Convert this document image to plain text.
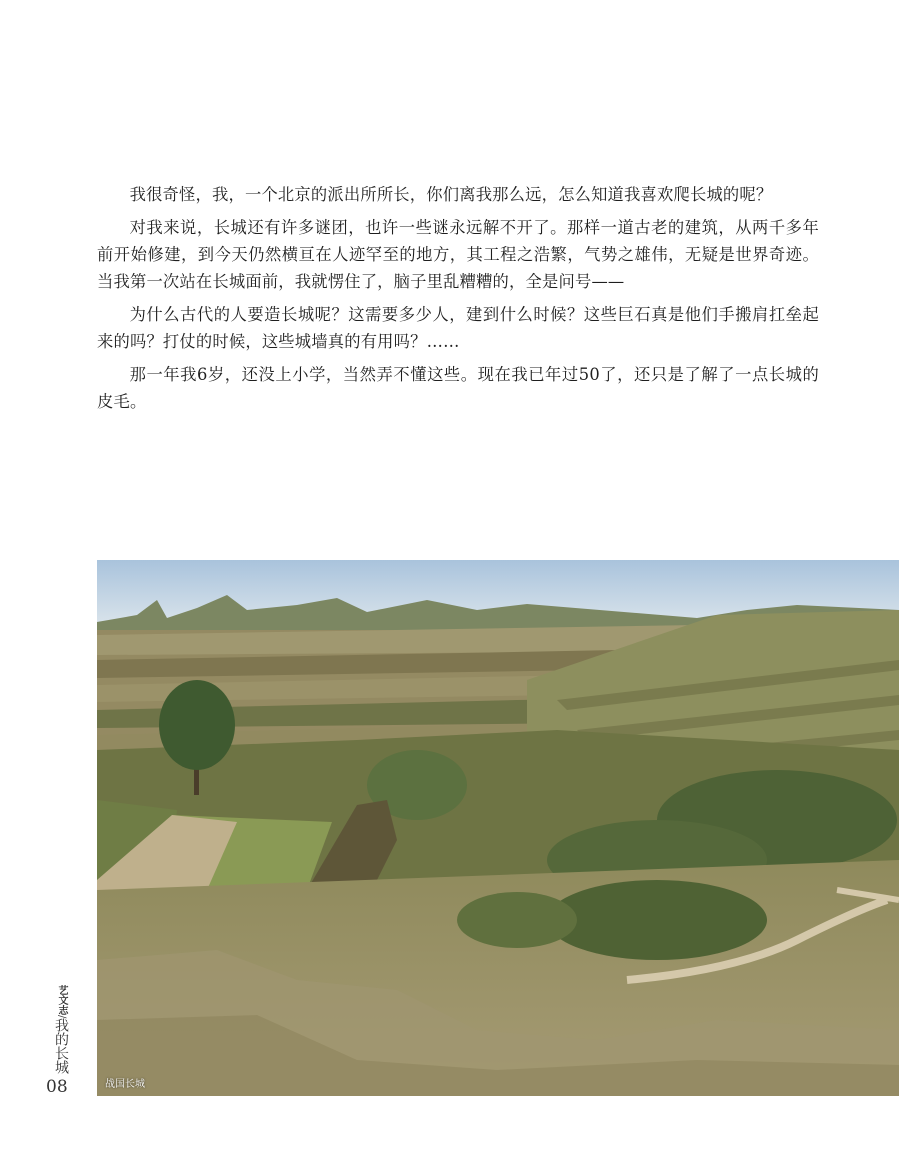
我很奇怪，我，一个北京的派出所所长，你们离我那么远，怎么知道我喜欢爬长城的呢？

对我来说，长城还有许多谜团，也许一些谜永远解不开了。那样一道古老的建筑，从两千多年前开始修建，到今天仍然横亘在人迹罕至的地方，其工程之浩繁，气势之雄伟，无疑是世界奇迹。当我第一次站在长城面前，我就愣住了，脑子里乱糟糟的，全是问号——

为什么古代的人要造长城呢？这需要多少人，建到什么时候？这些巨石真是他们手搬肩扛垒起来的吗？打仗的时候，这些城墙真的有用吗？……

那一年我6岁，还没上小学，当然弄不懂这些。现在我已年过50了，还只是了解了一点长城的皮毛。

战国长城
艺文志/我的长城
08
